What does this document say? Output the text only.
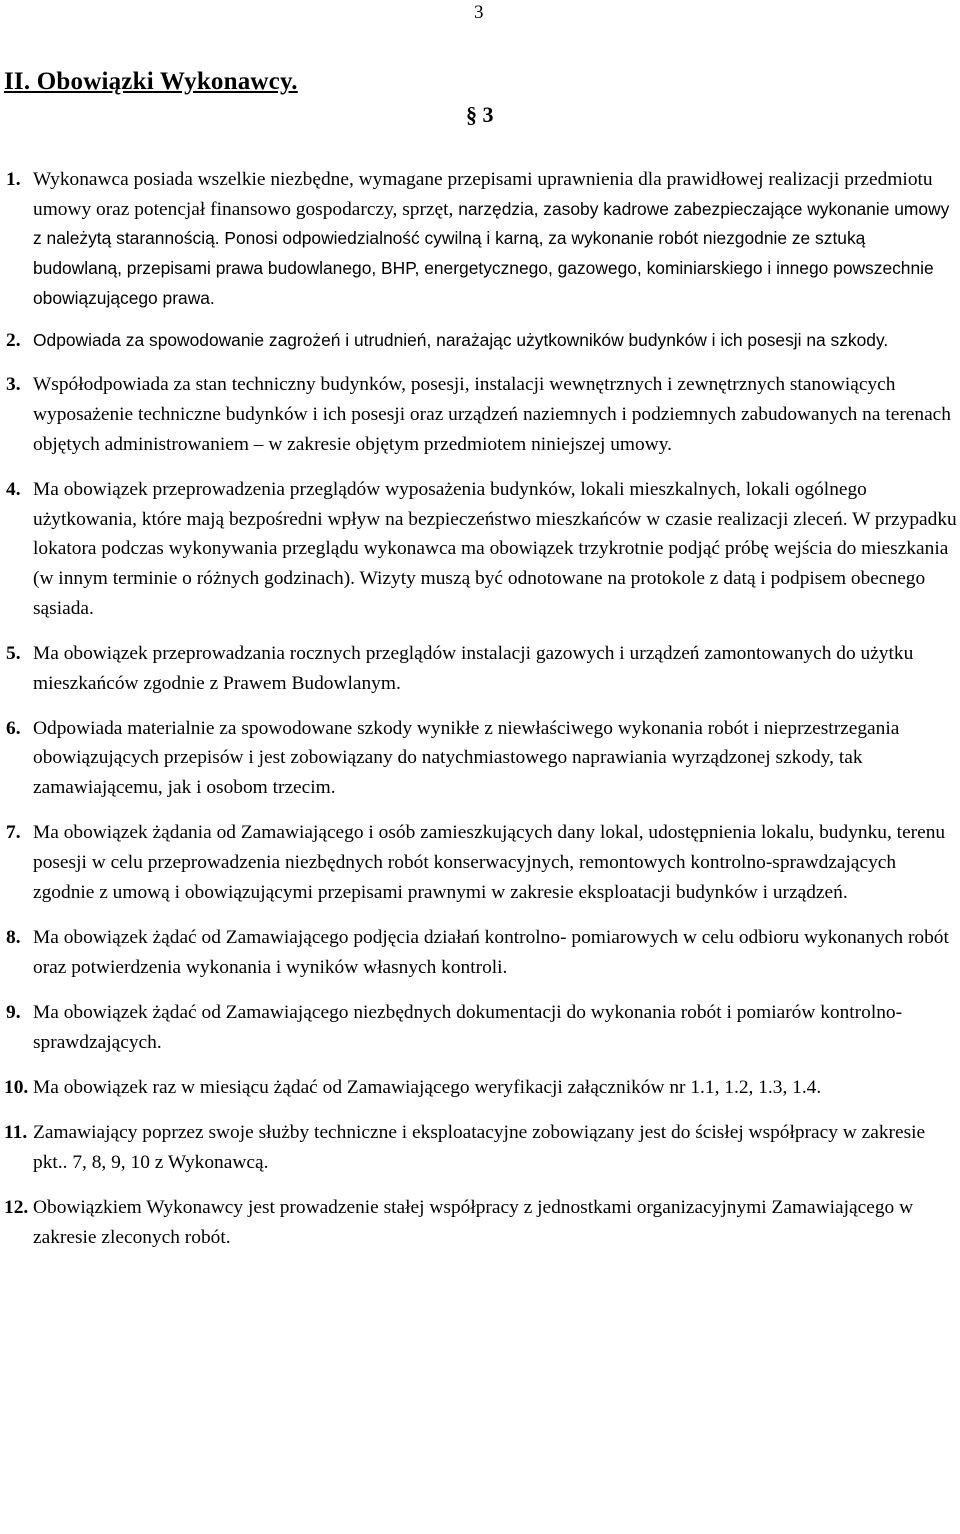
3
II. Obowiązki Wykonawcy.
§ 3
1. Wykonawca posiada wszelkie niezbędne, wymagane przepisami uprawnienia dla prawidłowej realizacji przedmiotu umowy oraz potencjał finansowo gospodarczy, sprzęt, narzędzia, zasoby kadrowe zabezpieczające wykonanie umowy z należytą starannością. Ponosi odpowiedzialność cywilną i karną, za wykonanie robót niezgodnie ze sztuką budowlaną, przepisami prawa budowlanego, BHP, energetycznego, gazowego, kominiarskiego i innego powszechnie obowiązującego prawa.
2. Odpowiada za spowodowanie zagrożeń i utrudnień, narażając użytkowników budynków i ich posesji na szkody.
3. Współodpowiada za stan techniczny budynków, posesji, instalacji wewnętrznych i zewnętrznych stanowiących wyposażenie techniczne budynków i ich posesji oraz urządzeń naziemnych i podziemnych zabudowanych na terenach objętych administrowaniem – w zakresie objętym przedmiotem niniejszej umowy.
4. Ma obowiązek przeprowadzenia przeglądów wyposażenia budynków, lokali mieszkalnych, lokali ogólnego użytkowania, które mają bezpośredni wpływ na bezpieczeństwo mieszkańców w czasie realizacji zleceń. W przypadku lokatora podczas wykonywania przeglądu wykonawca ma obowiązek trzykrotnie podjąć próbę wejścia do mieszkania (w innym terminie o różnych godzinach). Wizyty muszą być odnotowane na protokole z datą i podpisem obecnego sąsiada.
5. Ma obowiązek przeprowadzania rocznych przeglądów instalacji gazowych i urządzeń zamontowanych do użytku mieszkańców zgodnie z Prawem Budowlanym.
6. Odpowiada materialnie za spowodowane szkody wynikłe z niewłaściwego wykonania robót i nieprzestrzegania obowiązujących przepisów i jest zobowiązany do natychmiastowego naprawiania wyrządzonej szkody, tak zamawiającemu, jak i osobom trzecim.
7. Ma obowiązek żądania od Zamawiającego i osób zamieszkujących dany lokal, udostępnienia lokalu, budynku, terenu posesji w celu przeprowadzenia niezbędnych robót konserwacyjnych, remontowych kontrolno-sprawdzających zgodnie z umową i obowiązującymi przepisami prawnymi w zakresie eksploatacji budynków i urządzeń.
8. Ma obowiązek żądać od Zamawiającego podjęcia działań kontrolno- pomiarowych w celu odbioru wykonanych robót oraz potwierdzenia wykonania i wyników własnych kontroli.
9. Ma obowiązek żądać od Zamawiającego niezbędnych dokumentacji do wykonania robót i pomiarów kontrolno-sprawdzających.
10. Ma obowiązek raz w miesiącu żądać od Zamawiającego weryfikacji załączników nr 1.1, 1.2, 1.3, 1.4.
11. Zamawiający poprzez swoje służby techniczne i eksploatacyjne zobowiązany jest do ścisłej współpracy w zakresie pkt.. 7, 8, 9, 10 z Wykonawcą.
12. Obowiązkiem Wykonawcy jest prowadzenie stałej współpracy z jednostkami organizacyjnymi Zamawiającego w zakresie zleconych robót.
